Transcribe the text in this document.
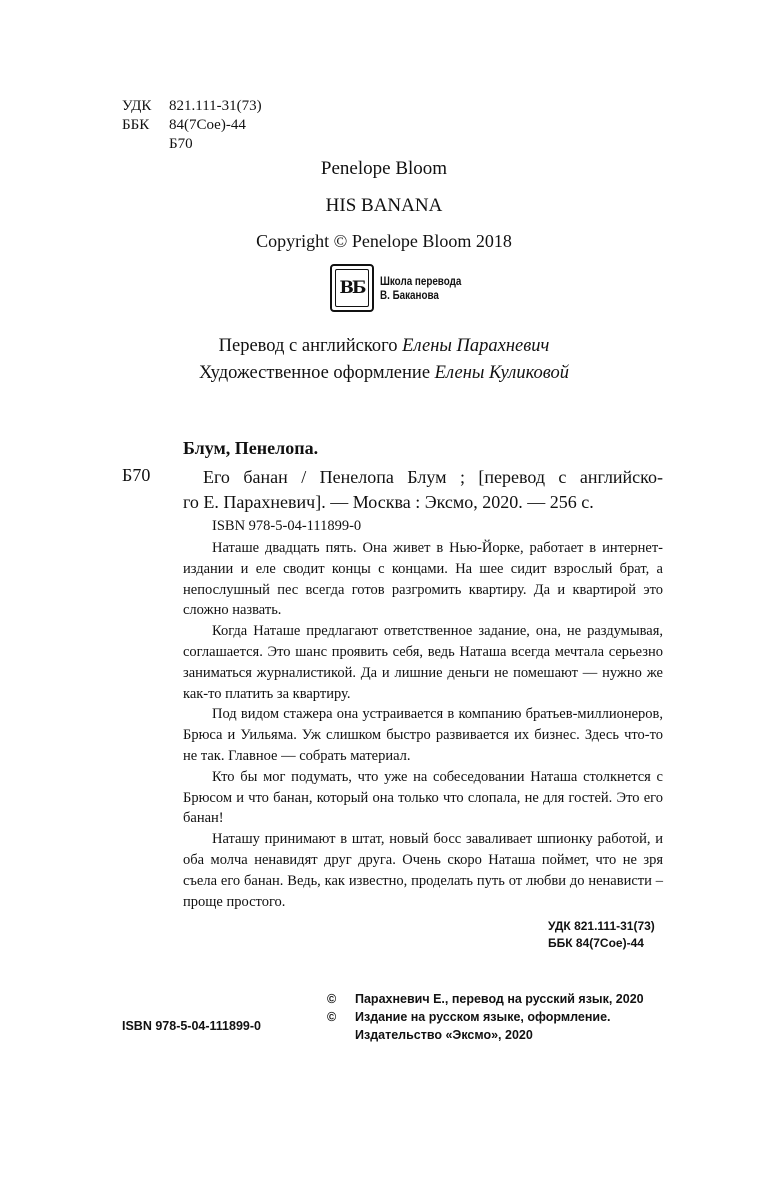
УДК	821.111-31(73)
ББК	84(7Сое)-44
Б70
Penelope Bloom
HIS BANANA
Copyright © Penelope Bloom 2018
ВБ	Школа перевода
В. Баканова
Перевод с английского Елены Парахневич
Художественное оформление Елены Куликовой
Блум, Пенелопа.
Б70	Его банан / Пенелопа Блум ; [перевод с английско-
го Е. Парахневич]. — Москва : Эксмо, 2020. — 256 с.
ISBN 978-5-04-111899-0

Наташе двадцать пять. Она живет в Нью-Йорке, работает в интернет-издании и еле сводит концы с концами. На шее сидит взрослый брат, а непослушный пес всегда готов разгромить квартиру. Да и квартирой это сложно назвать.

Когда Наташе предлагают ответственное задание, она, не раздумывая, соглашается. Это шанс проявить себя, ведь Наташа всегда мечтала серьезно заниматься журналистикой. Да и лишние деньги не помешают — нужно же как-то платить за квартиру.

Под видом стажера она устраивается в компанию братьев-миллионеров, Брюса и Уильяма. Уж слишком быстро развивается их бизнес. Здесь что-то не так. Главное — собрать материал.

Кто бы мог подумать, что уже на собеседовании Наташа столкнется с Брюсом и что банан, который она только что слопала, не для гостей. Это его банан!

Наташу принимают в штат, новый босс заваливает шпионку работой, и оба молча ненавидят друг друга. Очень скоро Наташа поймет, что не зря съела его банан. Ведь, как известно, проделать путь от любви до ненависти – проще простого.

УДК 821.111-31(73)
ББК 84(7Сое)-44
©	Парахневич Е., перевод на русский язык, 2020
©	Издание на русском языке, оформление.
Издательство «Эксмо», 2020
ISBN 978-5-04-111899-0
